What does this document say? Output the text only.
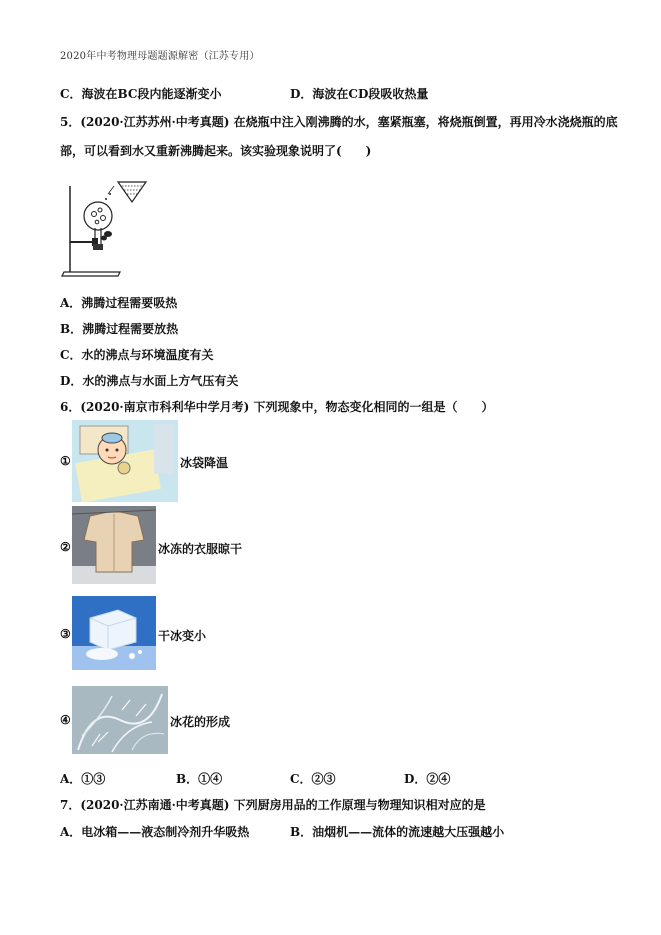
2020年中考物理母题题源解密（江苏专用）
C．海波在BC段内能逐渐变小	D．海波在CD段吸收热量
5．(2020·江苏苏州·中考真题) 在烧瓶中注入刚沸腾的水，塞紧瓶塞，将烧瓶倒置，再用冷水浇烧瓶的底
部，可以看到水又重新沸腾起来。该实验现象说明了(　　)
A．沸腾过程需要吸热
B．沸腾过程需要放热
C．水的沸点与环境温度有关
D．水的沸点与水面上方气压有关
6．(2020·南京市科利华中学月考) 下列现象中，物态变化相同的一组是（　　）
①	冰袋降温
②	冰冻的衣服晾干
③	干冰变小
④	冰花的形成
A．①③	B．①④	C．②③	D．②④
7．(2020·江苏南通·中考真题) 下列厨房用品的工作原理与物理知识相对应的是
A．电冰箱——液态制冷剂升华吸热	B．油烟机——流体的流速越大压强越小
